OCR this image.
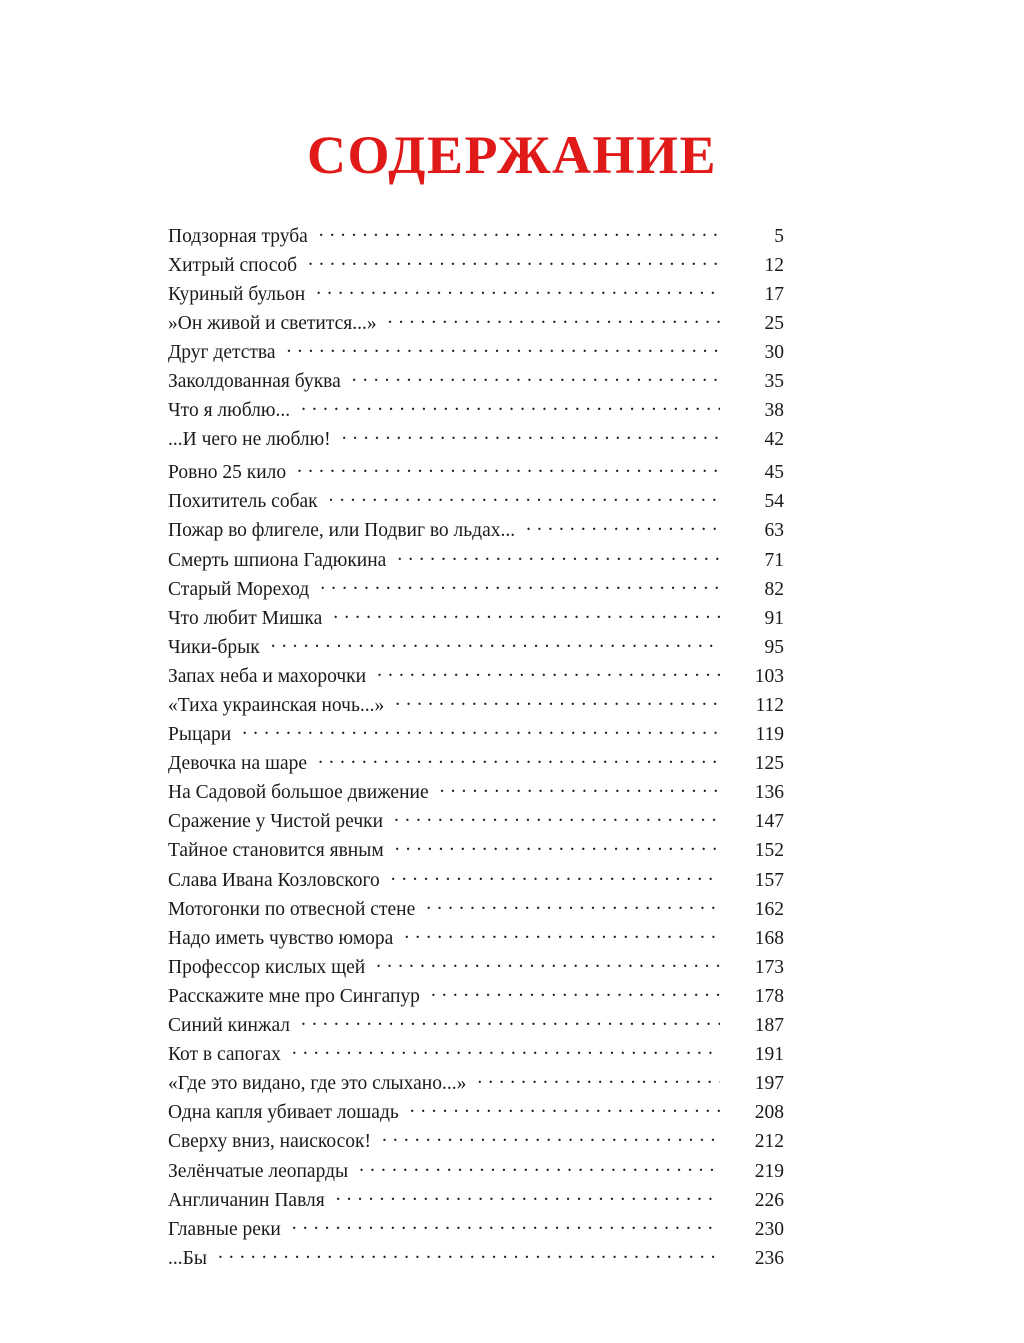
СОДЕРЖАНИЕ
Подзорная труба . . .	5
Хитрый способ . . .	12
Куриный бульон . . .	17
»Он живой и светится...» . . .	25
Друг детства . . .	30
Заколдованная буква . . .	35
Что я люблю... . . .	38
...И чего не люблю! . . .	42
Ровно 25 кило . . .	45
Похититель собак . . .	54
Пожар во флигеле, или Подвиг во льдах... . . .	63
Смерть шпиона Гадюкина . . .	71
Старый Мореход . . .	82
Что любит Мишка . . .	91
Чики-брык . . .	95
Запах неба и махорочки . . .	103
«Тиха украинская ночь...» . . .	112
Рыцари . . .	119
Девочка на шаре . . .	125
На Садовой большое движение . . .	136
Сражение у Чистой речки . . .	147
Тайное становится явным . . .	152
Слава Ивана Козловского . . .	157
Мотогонки по отвесной стене . . .	162
Надо иметь чувство юмора . . .	168
Профессор кислых щей . . .	173
Расскажите мне про Сингапур . . .	178
Синий кинжал . . .	187
Кот в сапогах . . .	191
«Где это видано, где это слыхано...» . . .	197
Одна капля убивает лошадь . . .	208
Сверху вниз, наискосок! . . .	212
Зелёнчатые леопарды . . .	219
Англичанин Павля . . .	226
Главные реки . . .	230
...Бы . . .	236
